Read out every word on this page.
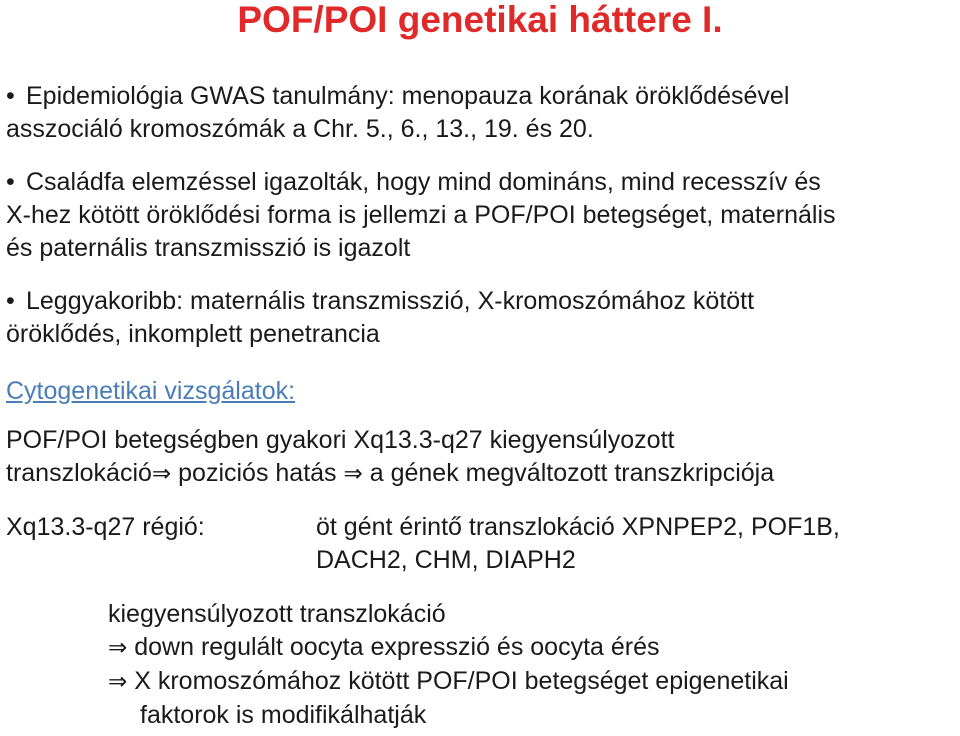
POF/POI genetikai háttere I.
• Epidemiológia GWAS tanulmány: menopauza korának öröklődésével
asszociáló kromoszómák a Chr. 5., 6., 13., 19. és 20.
• Családfa elemzéssel igazolták, hogy mind domináns, mind recesszív és
X-hez kötött öröklődési forma is jellemzi a POF/POI betegséget, maternális
és paternális transzmisszió is igazolt
• Leggyakoribb: maternális transzmisszió, X-kromoszómához kötött
öröklődés, inkomplett penetrancia
Cytogenetikai vizsgálatok:
POF/POI betegségben gyakori Xq13.3-q27 kiegyensúlyozott
transzlokáció⇒ poziciós hatás ⇒ a gének megváltozott transzkripciója
Xq13.3-q27 régió:	öt gént érintő transzlokáció XPNPEP2, POF1B,
DACH2, CHM, DIAPH2
kiegyensúlyozott transzlokáció
⇒ down regulált oocyta expresszió és oocyta érés
⇒ X kromoszómához kötött POF/POI betegséget epigenetikai
faktorok is modifikálhatják
